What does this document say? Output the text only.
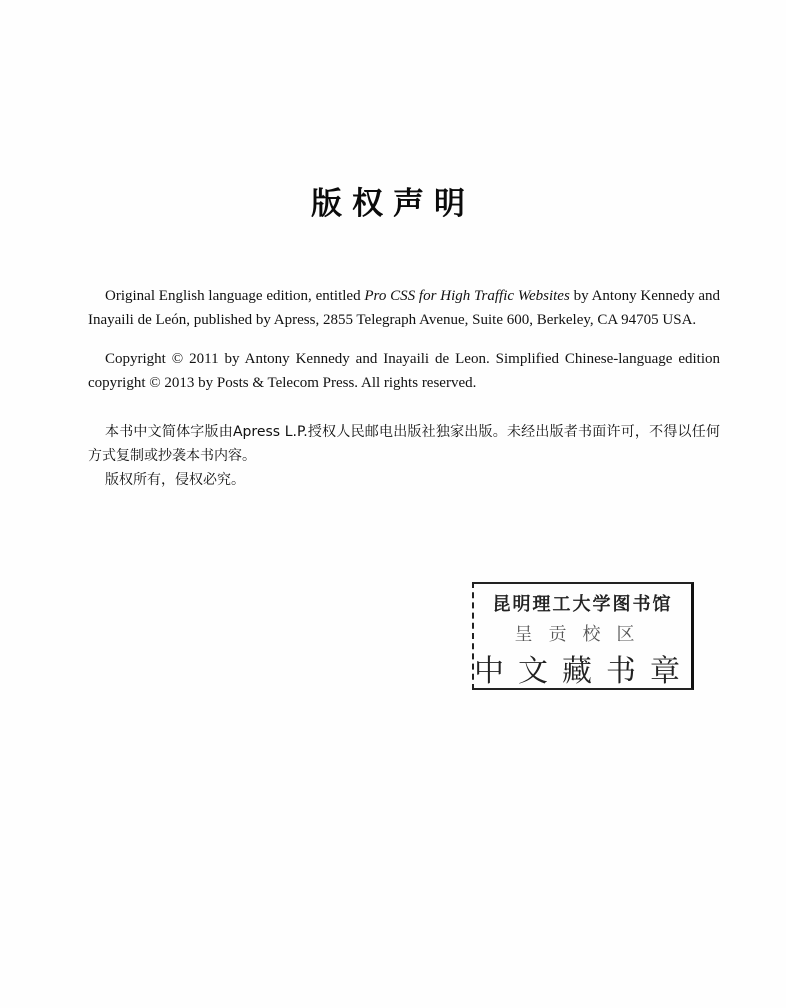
版权声明
Original English language edition, entitled Pro CSS for High Traffic Websites by Antony Kennedy and Inayaili de León, published by Apress, 2855 Telegraph Avenue, Suite 600, Berkeley, CA 94705 USA.
Copyright © 2011 by Antony Kennedy and Inayaili de Leon. Simplified Chinese-language edition copyright © 2013 by Posts & Telecom Press. All rights reserved.
本书中文简体字版由Apress L.P.授权人民邮电出版社独家出版。未经出版者书面许可，不得以任何方式复制或抄袭本书内容。
版权所有，侵权必究。
昆明理工大学图书馆
呈贡校区
中文藏书章
